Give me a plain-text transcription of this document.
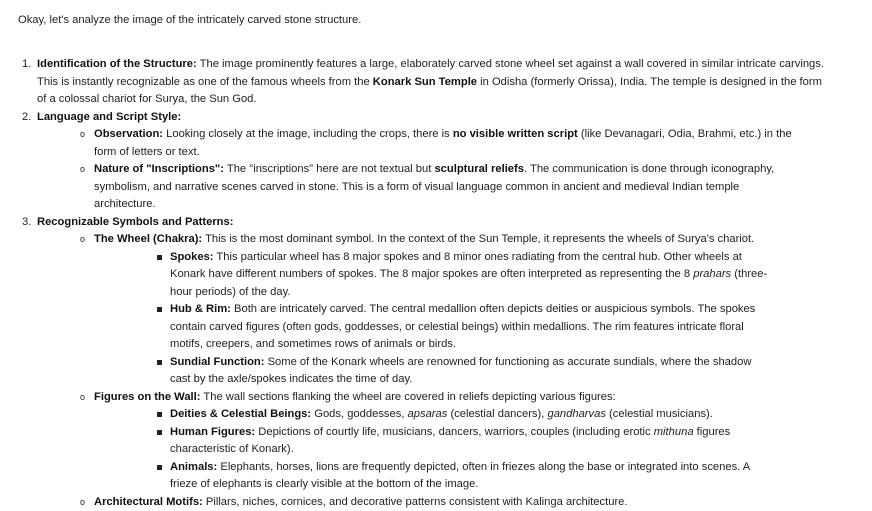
Okay, let's analyze the image of the intricately carved stone structure.
1. Identification of the Structure: The image prominently features a large, elaborately carved stone wheel set against a wall covered in similar intricate carvings. This is instantly recognizable as one of the famous wheels from the Konark Sun Temple in Odisha (formerly Orissa), India. The temple is designed in the form of a colossal chariot for Surya, the Sun God.
2. Language and Script Style:
o Observation: Looking closely at the image, including the crops, there is no visible written script (like Devanagari, Odia, Brahmi, etc.) in the form of letters or text.
o Nature of "Inscriptions": The "inscriptions" here are not textual but sculptural reliefs. The communication is done through iconography, symbolism, and narrative scenes carved in stone. This is a form of visual language common in ancient and medieval Indian temple architecture.
3. Recognizable Symbols and Patterns:
o The Wheel (Chakra): This is the most dominant symbol. In the context of the Sun Temple, it represents the wheels of Surya's chariot.
Spokes: This particular wheel has 8 major spokes and 8 minor ones radiating from the central hub. Other wheels at Konark have different numbers of spokes. The 8 major spokes are often interpreted as representing the 8 prahars (three-hour periods) of the day.
Hub & Rim: Both are intricately carved. The central medallion often depicts deities or auspicious symbols. The spokes contain carved figures (often gods, goddesses, or celestial beings) within medallions. The rim features intricate floral motifs, creepers, and sometimes rows of animals or birds.
Sundial Function: Some of the Konark wheels are renowned for functioning as accurate sundials, where the shadow cast by the axle/spokes indicates the time of day.
o Figures on the Wall: The wall sections flanking the wheel are covered in reliefs depicting various figures:
Deities & Celestial Beings: Gods, goddesses, apsaras (celestial dancers), gandharvas (celestial musicians).
Human Figures: Depictions of courtly life, musicians, dancers, warriors, couples (including erotic mithuna figures characteristic of Konark).
Animals: Elephants, horses, lions are frequently depicted, often in friezes along the base or integrated into scenes. A frieze of elephants is clearly visible at the bottom of the image.
o Architectural Motifs: Pillars, niches, cornices, and decorative patterns consistent with Kalinga architecture.
